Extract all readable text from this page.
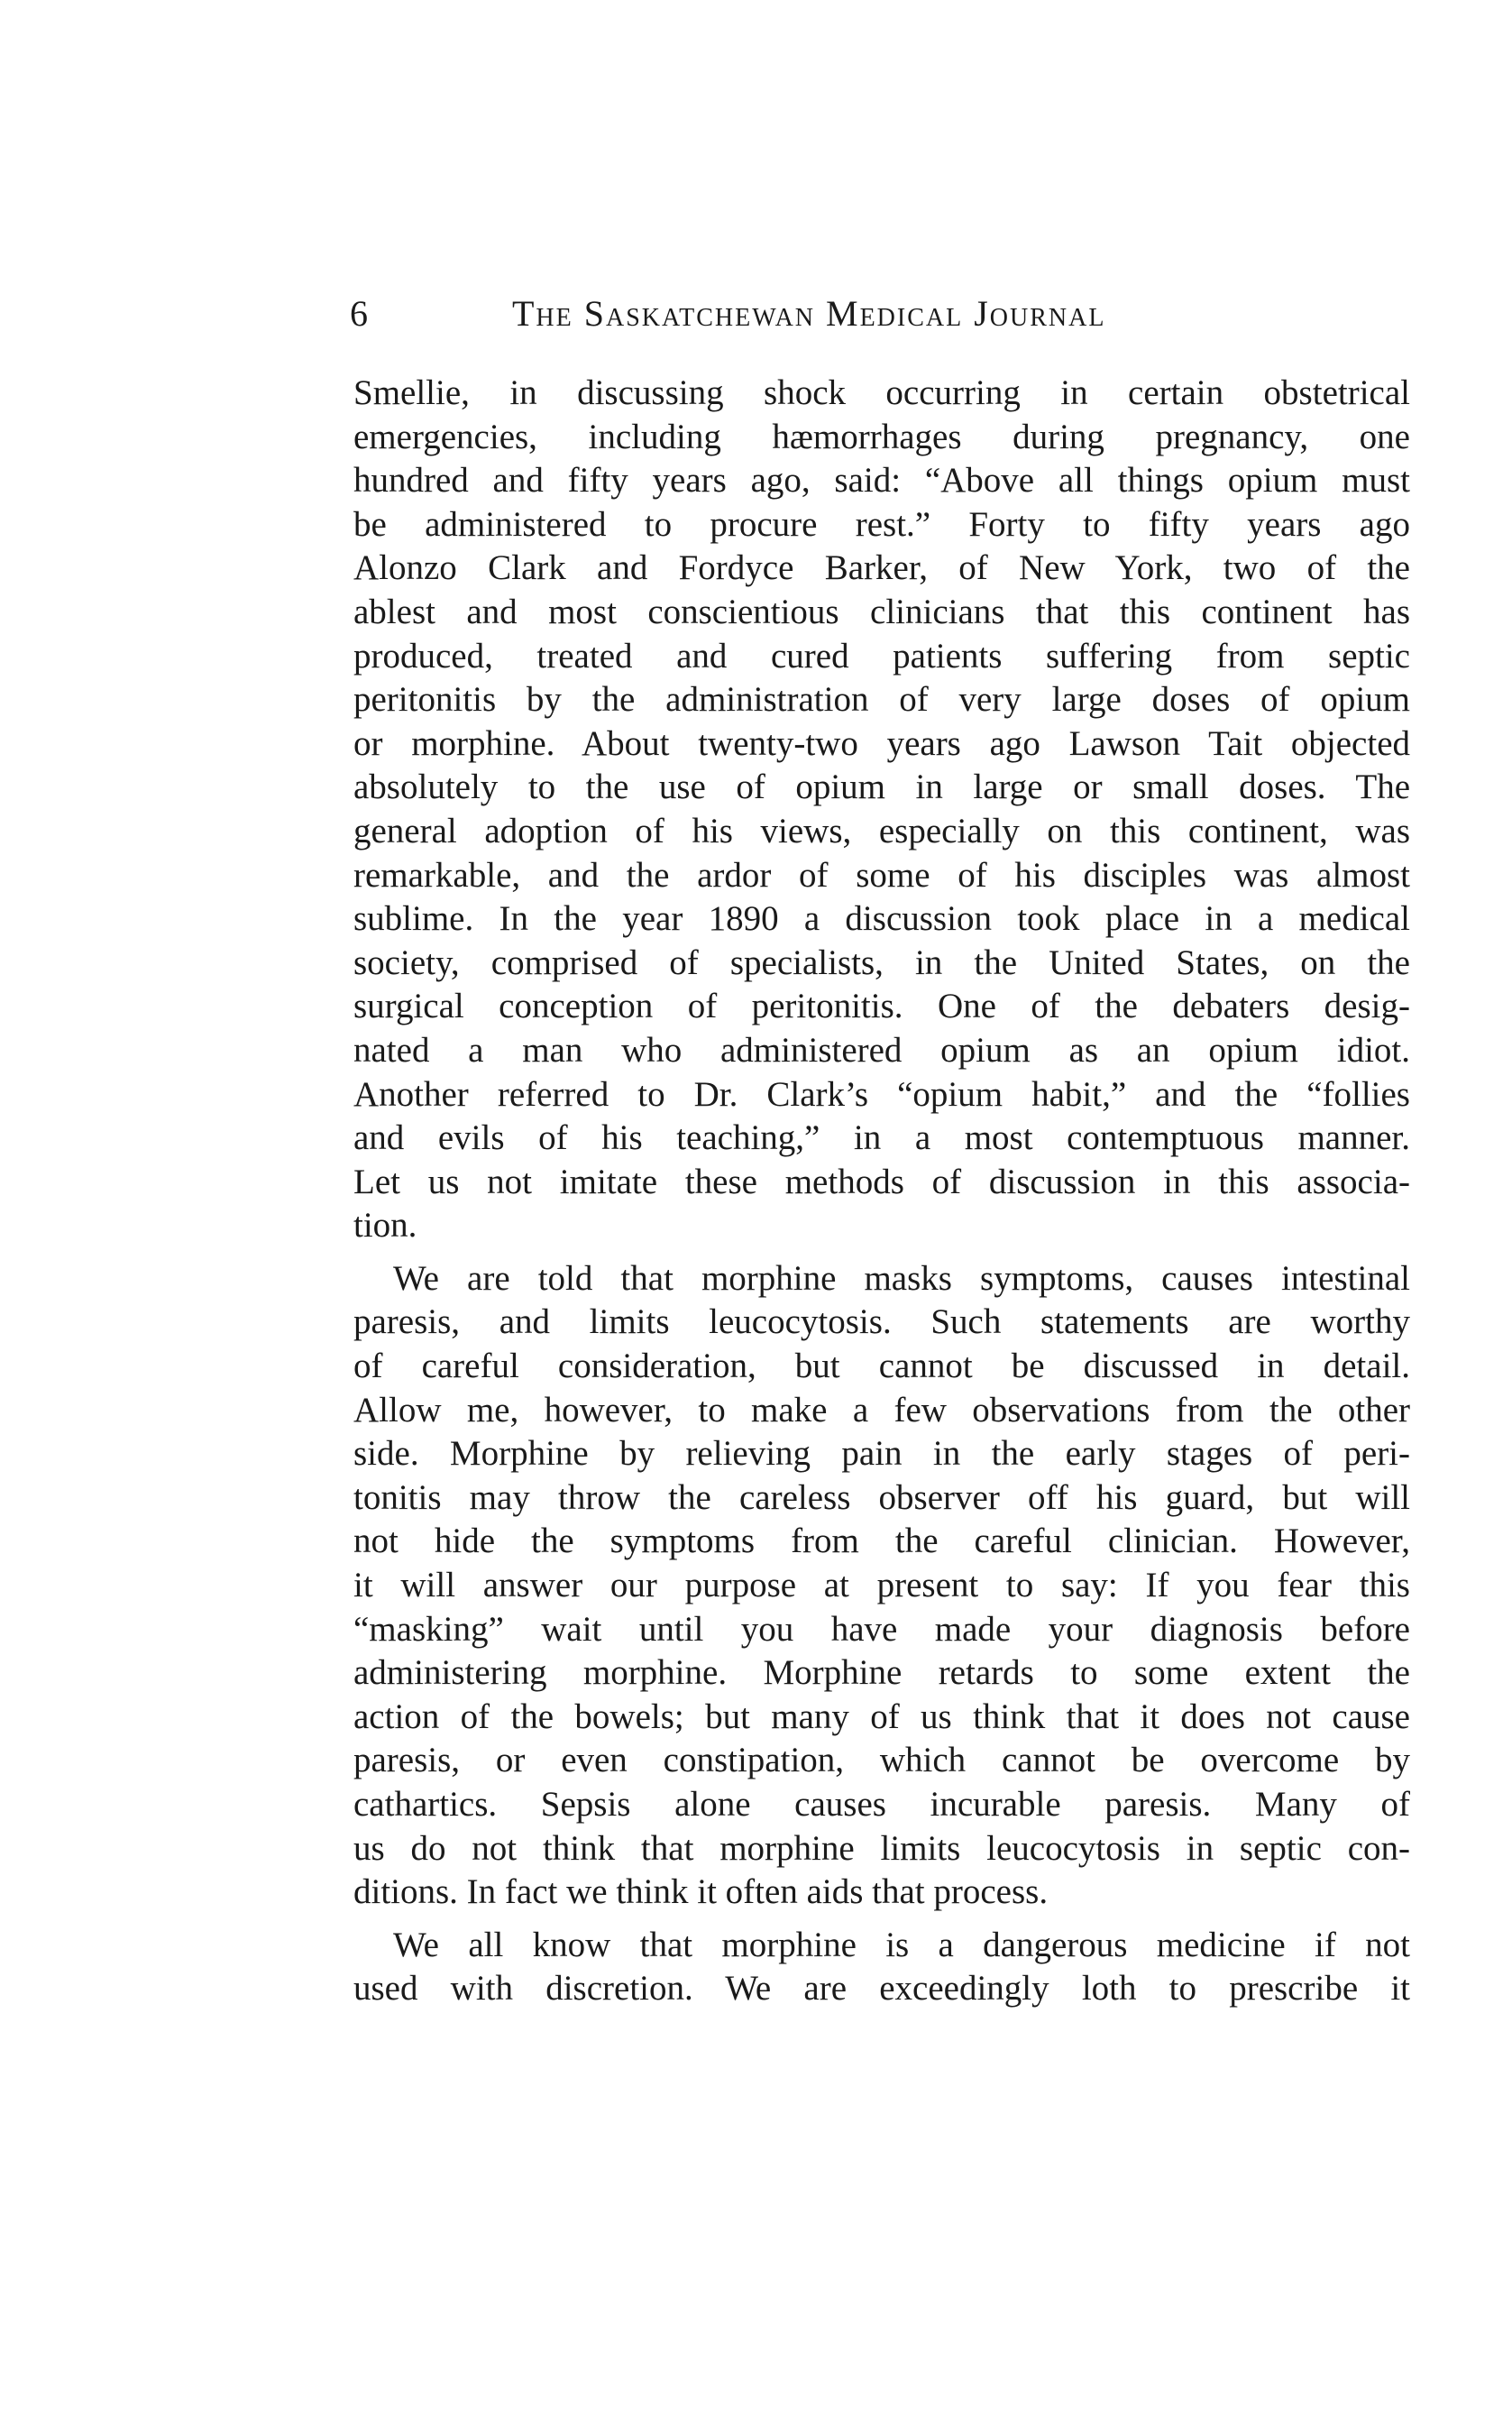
6	The Saskatchewan Medical Journal
Smellie, in discussing shock occurring in certain obstetrical
emergencies, including hæmorrhages during pregnancy, one
hundred and fifty years ago, said: “Above all things opium must
be administered to procure rest.” Forty to fifty years ago
Alonzo Clark and Fordyce Barker, of New York, two of the
ablest and most conscientious clinicians that this continent has
produced, treated and cured patients suffering from septic
peritonitis by the administration of very large doses of opium
or morphine. About twenty-two years ago Lawson Tait objected
absolutely to the use of opium in large or small doses. The
general adoption of his views, especially on this continent, was
remarkable, and the ardor of some of his disciples was almost
sublime. In the year 1890 a discussion took place in a medical
society, comprised of specialists, in the United States, on the
surgical conception of peritonitis. One of the debaters desig-
nated a man who administered opium as an opium idiot.
Another referred to Dr. Clark’s “opium habit,” and the “follies
and evils of his teaching,” in a most contemptuous manner.
Let us not imitate these methods of discussion in this associa-
tion.
We are told that morphine masks symptoms, causes intestinal
paresis, and limits leucocytosis. Such statements are worthy
of careful consideration, but cannot be discussed in detail.
Allow me, however, to make a few observations from the other
side. Morphine by relieving pain in the early stages of peri-
tonitis may throw the careless observer off his guard, but will
not hide the symptoms from the careful clinician. However,
it will answer our purpose at present to say: If you fear this
“masking” wait until you have made your diagnosis before
administering morphine. Morphine retards to some extent the
action of the bowels; but many of us think that it does not cause
paresis, or even constipation, which cannot be overcome by
cathartics. Sepsis alone causes incurable paresis. Many of
us do not think that morphine limits leucocytosis in septic con-
ditions. In fact we think it often aids that process.
We all know that morphine is a dangerous medicine if not
used with discretion. We are exceedingly loth to prescribe it
